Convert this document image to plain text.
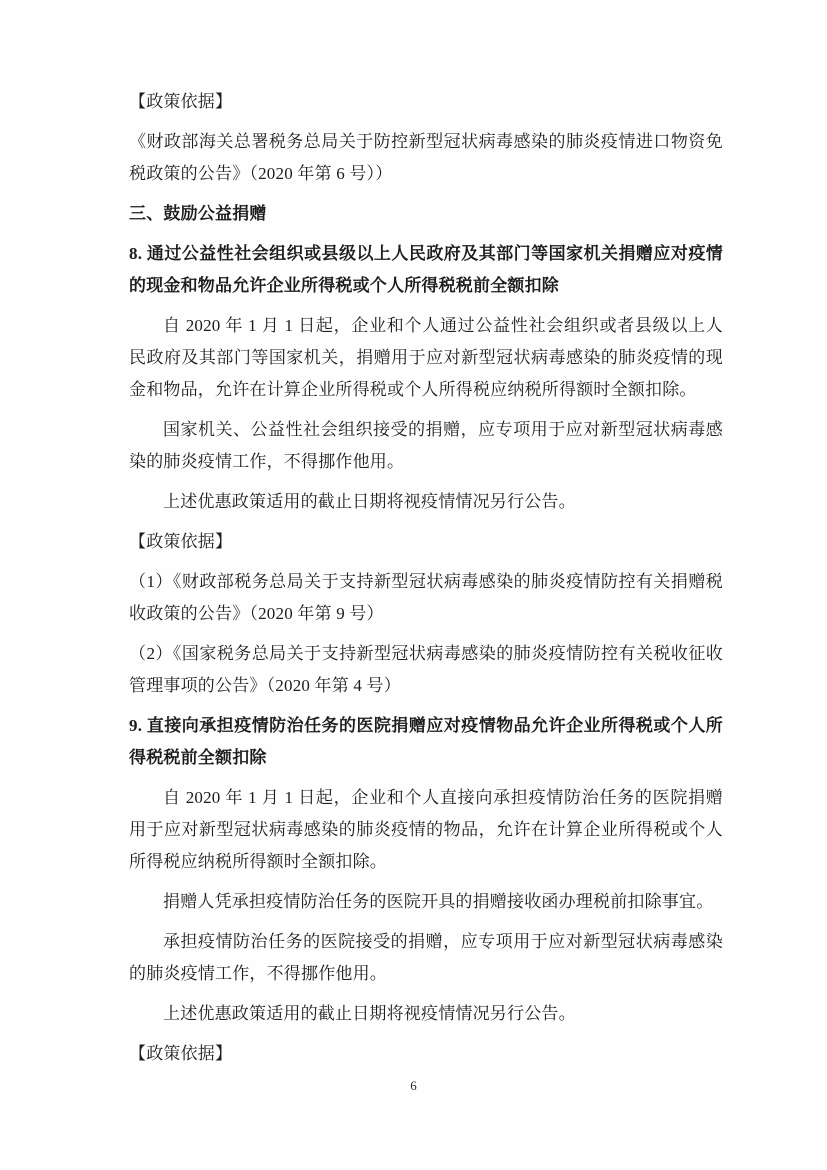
【政策依据】
《财政部海关总署税务总局关于防控新型冠状病毒感染的肺炎疫情进口物资免税政策的公告》（2020 年第 6 号））
三、鼓励公益捐赠
8. 通过公益性社会组织或县级以上人民政府及其部门等国家机关捐赠应对疫情的现金和物品允许企业所得税或个人所得税税前全额扣除
自 2020 年 1 月 1 日起，企业和个人通过公益性社会组织或者县级以上人民政府及其部门等国家机关，捐赠用于应对新型冠状病毒感染的肺炎疫情的现金和物品，允许在计算企业所得税或个人所得税应纳税所得额时全额扣除。
国家机关、公益性社会组织接受的捐赠，应专项用于应对新型冠状病毒感染的肺炎疫情工作，不得挪作他用。
上述优惠政策适用的截止日期将视疫情情况另行公告。
【政策依据】
（1）《财政部税务总局关于支持新型冠状病毒感染的肺炎疫情防控有关捐赠税收政策的公告》（2020 年第 9 号）
（2）《国家税务总局关于支持新型冠状病毒感染的肺炎疫情防控有关税收征收管理事项的公告》（2020 年第 4 号）
9. 直接向承担疫情防治任务的医院捐赠应对疫情物品允许企业所得税或个人所得税税前全额扣除
自 2020 年 1 月 1 日起，企业和个人直接向承担疫情防治任务的医院捐赠用于应对新型冠状病毒感染的肺炎疫情的物品，允许在计算企业所得税或个人所得税应纳税所得额时全额扣除。
捐赠人凭承担疫情防治任务的医院开具的捐赠接收函办理税前扣除事宜。
承担疫情防治任务的医院接受的捐赠，应专项用于应对新型冠状病毒感染的肺炎疫情工作，不得挪作他用。
上述优惠政策适用的截止日期将视疫情情况另行公告。
【政策依据】
6
